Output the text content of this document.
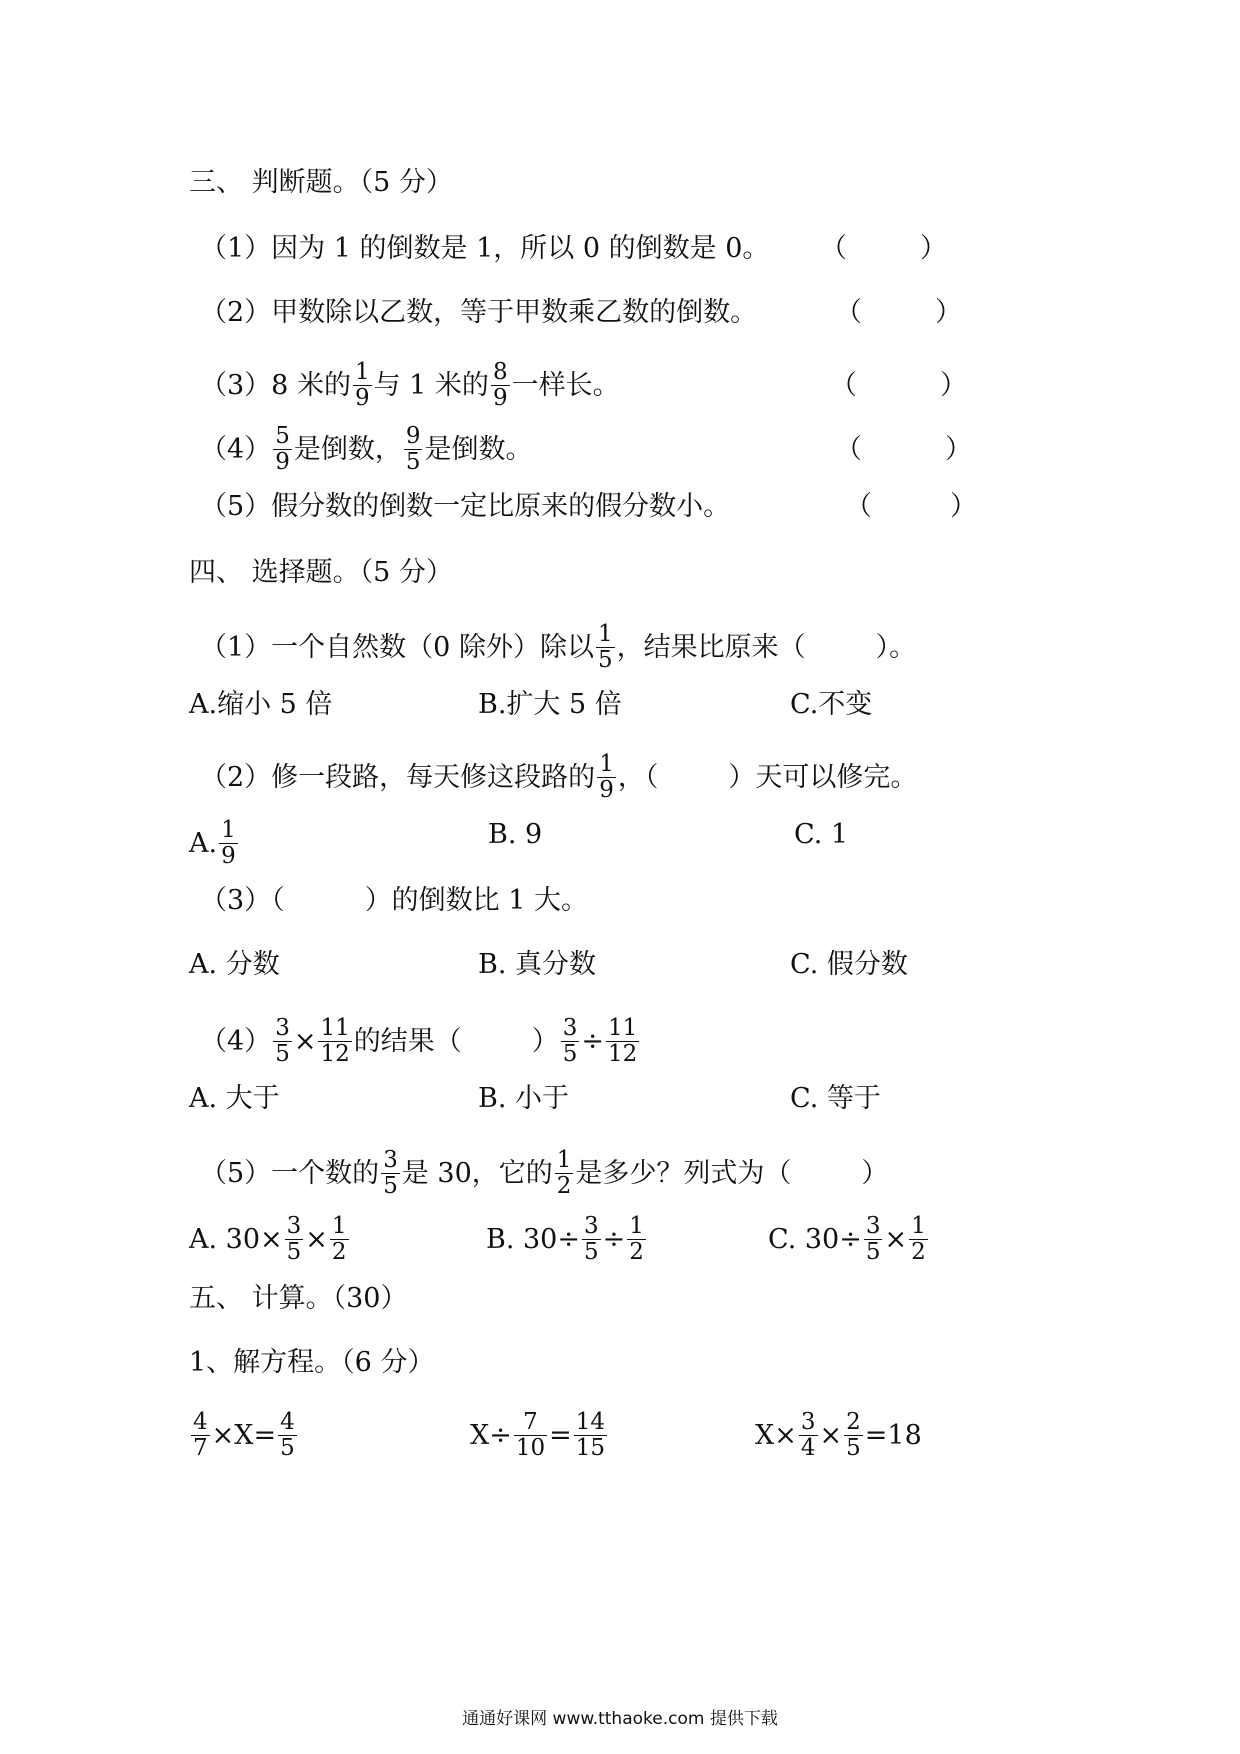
三、 判断题。（5 分）
（1）因为 1 的倒数是 1，所以 0 的倒数是 0。 （	）
（2）甲数除以乙数，等于甲数乘乙数的倒数。	（	）
（3）8 米的 $\frac{1}{9}$ 与 1 米的 $\frac{8}{9}$ 一样长。	（	）
$(4) \frac{5}{9}$ 是倒数， $\frac{9}{5}$ 是倒数。	（	）
（5）假分数的倒数一定比原来的假分数小。	（	）
四、 选择题。（5 分）
（1）一个自然数（0 除外）除以 $\frac{1}{5}$ ，结果比原来（	）。
A.缩小 5 倍	B.扩大 5 倍	C.不变
（2）修一段路，每天修这段路的 $\frac{1}{9}$ ，（	）天可以修完。
A. $\frac{1}{9}$	B. 9	C. 1
（3）（	）的倒数比 1 大。
A. 分数	B. 真分数	C. 假分数
$(4) \frac{3}{5} \times \frac{11}{12}$ 的结果（	） $\frac{3}{5} \div \frac{11}{12}$
A. 大于	B. 小于	C. 等于
（5）一个数的 $\frac{3}{5}$ 是 30，它的 $\frac{1}{2}$ 是多少？列式为（	）
A. $30\times \frac{3}{5} \times \frac{1}{2}$	B. $30\div \frac{3}{5} \div \frac{1}{2}$	C. $30\div \frac{3}{5} \times \frac{1}{2}$
五、 计算。（30）
1、解方程。（6 分）
$\frac{4}{7} \times X= \frac{4}{5}$	$X\div \frac{7}{10} = \frac{14}{15}$	$X\times \frac{3}{4} \times \frac{2}{5} =18$
通通好课网 www.tthaoke.com 提供下载
